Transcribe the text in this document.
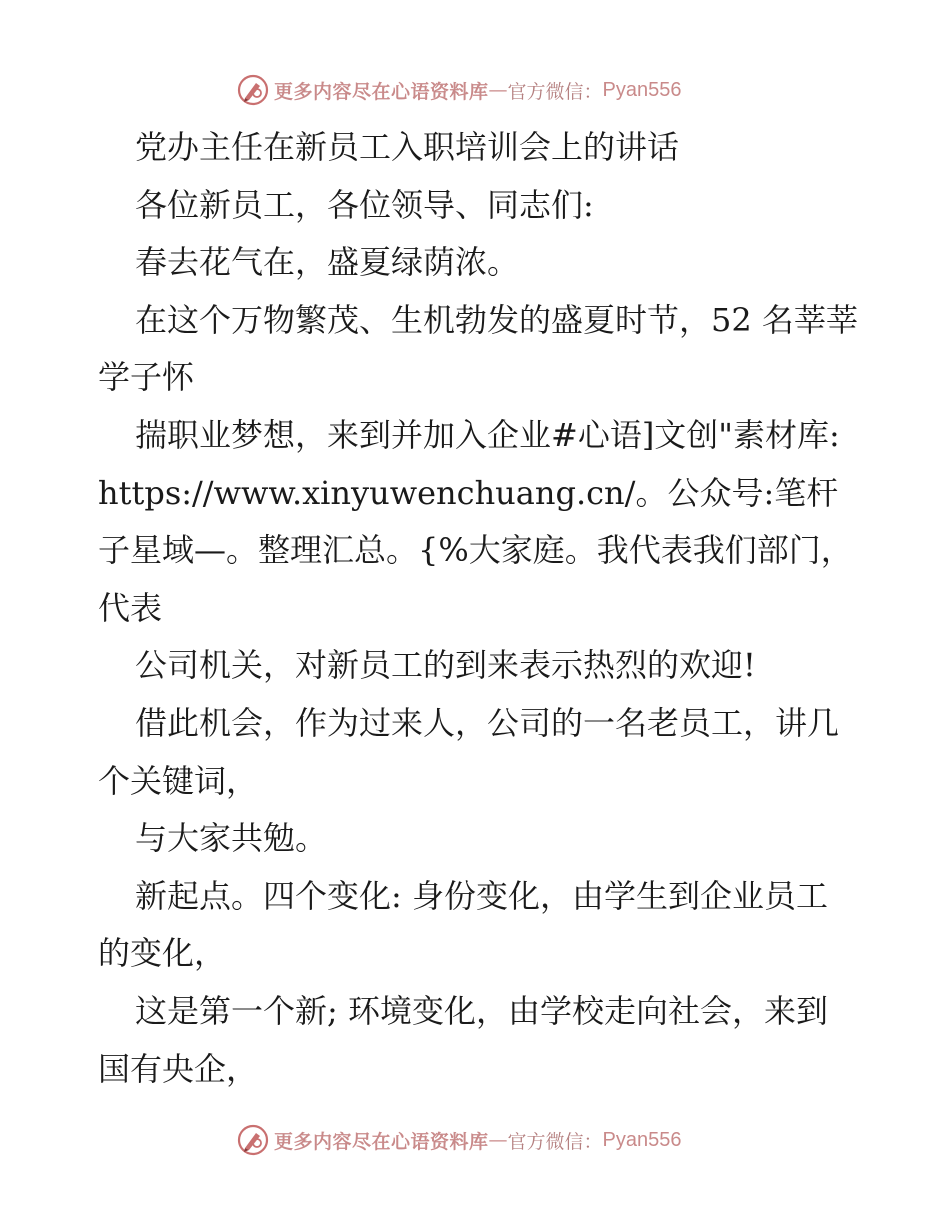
更多内容尽在心语资料库 — 官方微信： Pyan556

党办主任在新员工入职培训会上的讲话

各位新员工，各位领导、同志们:

春去花气在，盛夏绿荫浓。

在这个万物繁茂、生机勃发的盛夏时节，52 名莘莘学子怀

揣职业梦想，来到并加入企业#心语]文创"素材库: https://www.xinyuwenchuang.cn/。公众号:笔杆子星域—。整理汇总。{%大家庭。我代表我们部门，代表

公司机关，对新员工的到来表示热烈的欢迎!

借此机会，作为过来人，公司的一名老员工，讲几个关键词，

与大家共勉。

新起点。四个变化: 身份变化，由学生到企业员工的变化，

这是第一个新; 环境变化，由学校走向社会，来到国有央企，

更多内容尽在心语资料库 — 官方微信： Pyan556
